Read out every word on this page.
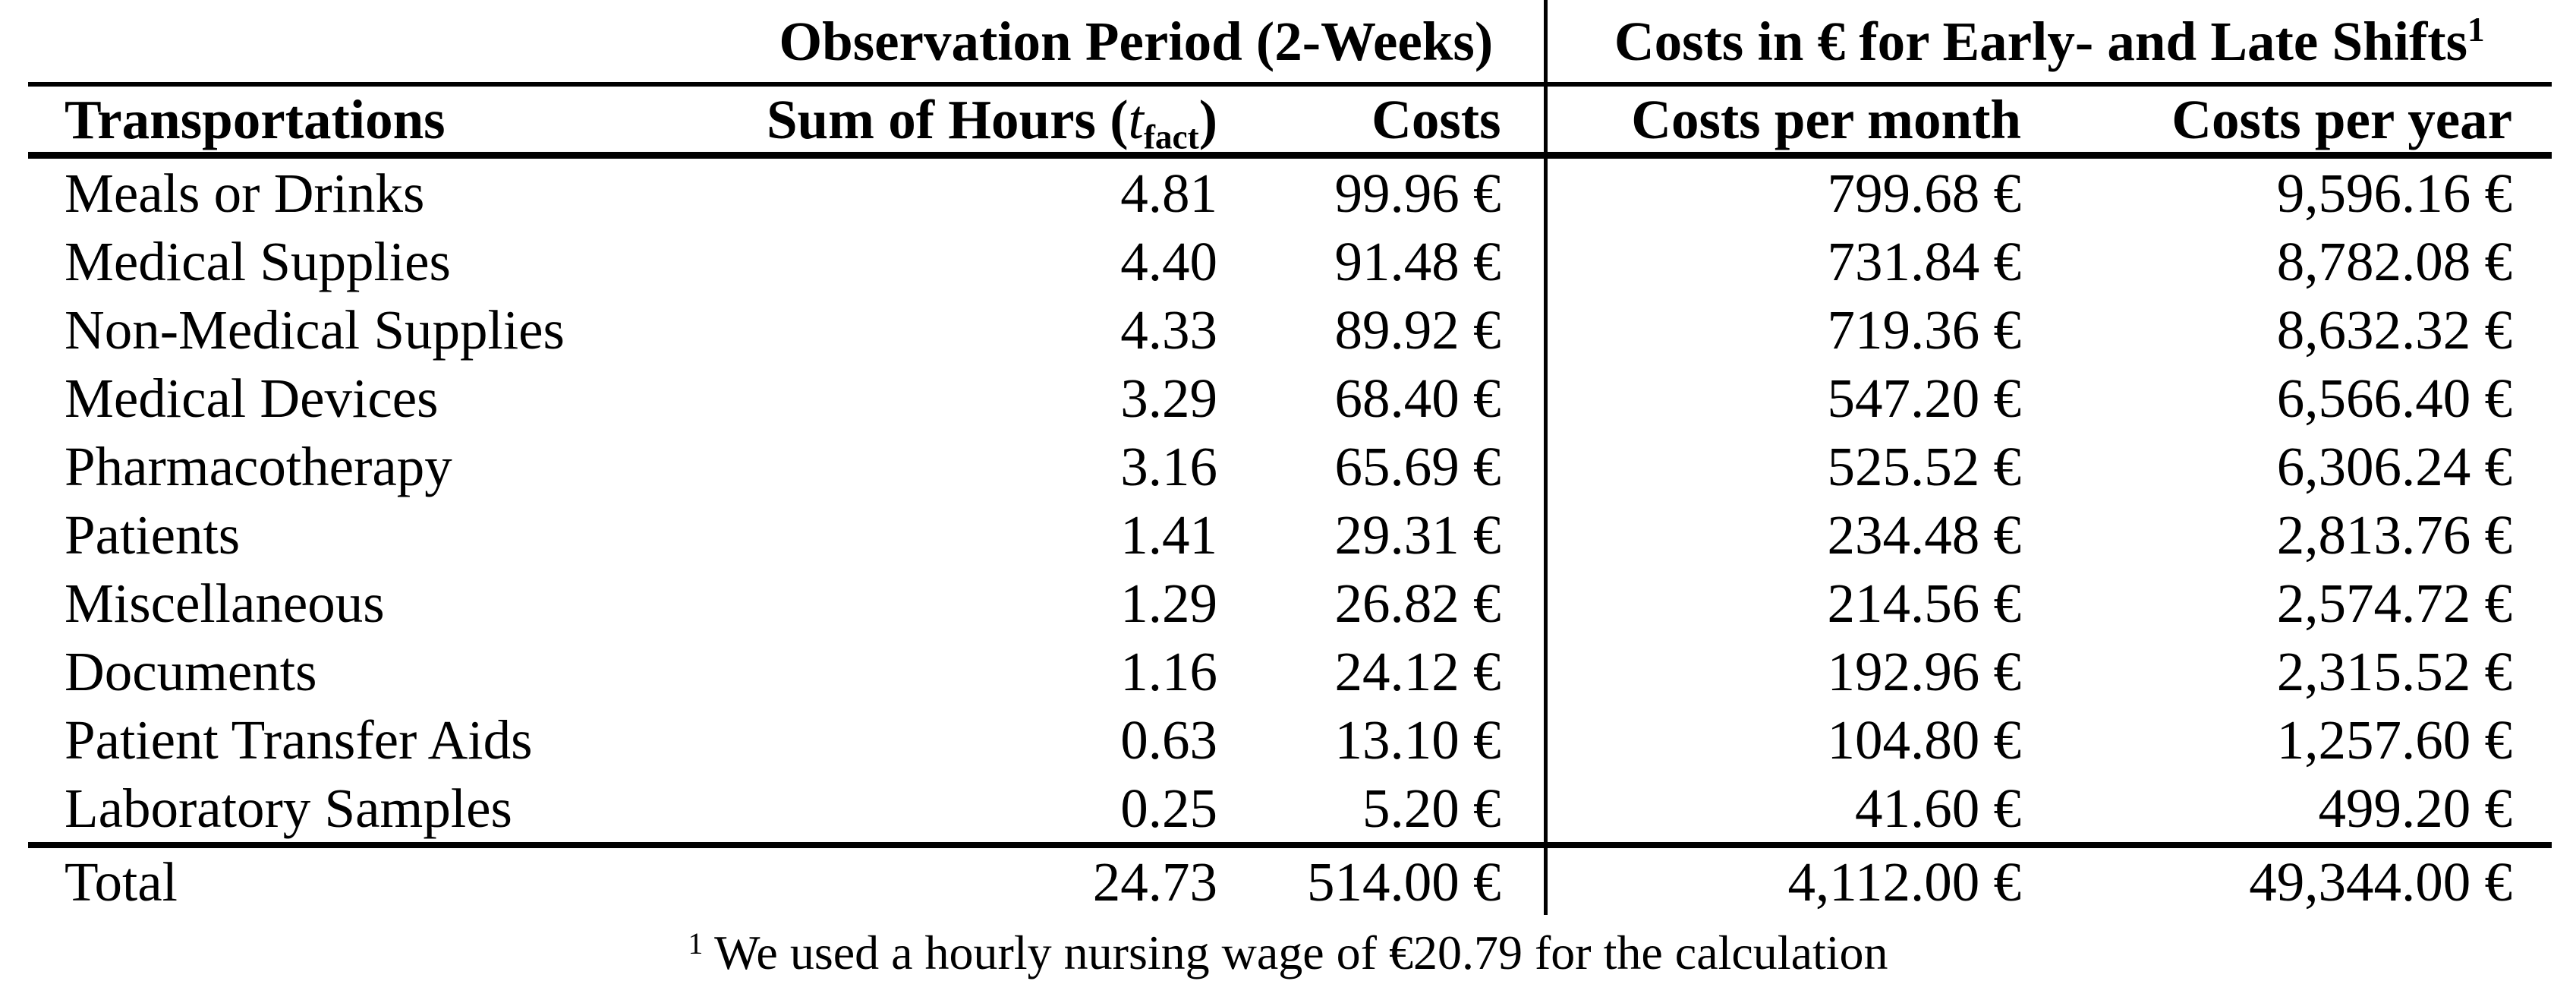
	Observation Period (2-Weeks)		Costs in € for Early- and Late Shifts$^1$
Transportations	Sum of Hours $(t_{fact})$	Costs	Costs per month	Costs per year
Meals or Drinks	4.81	99.96 €	799.68 €	9,596.16 €
Medical Supplies	4.40	91.48 €	731.84 €	8,782.08 €
Non-Medical Supplies	4.33	89.92 €	719.36 €	8,632.32 €
Medical Devices	3.29	68.40 €	547.20 €	6,566.40 €
Pharmacotherapy	3.16	65.69 €	525.52 €	6,306.24 €
Patients	1.41	29.31 €	234.48 €	2,813.76 €
Miscellaneous	1.29	26.82 €	214.56 €	2,574.72 €
Documents	1.16	24.12 €	192.96 €	2,315.52 €
Patient Transfer Aids	0.63	13.10 €	104.80 €	1,257.60 €
Laboratory Samples	0.25	5.20 €	41.60 €	499.20 €
Total	24.73	514.00 €	4,112.00 €	49,344.00 €
$^1$ We used a hourly nursing wage of €20.79 for the calculation
